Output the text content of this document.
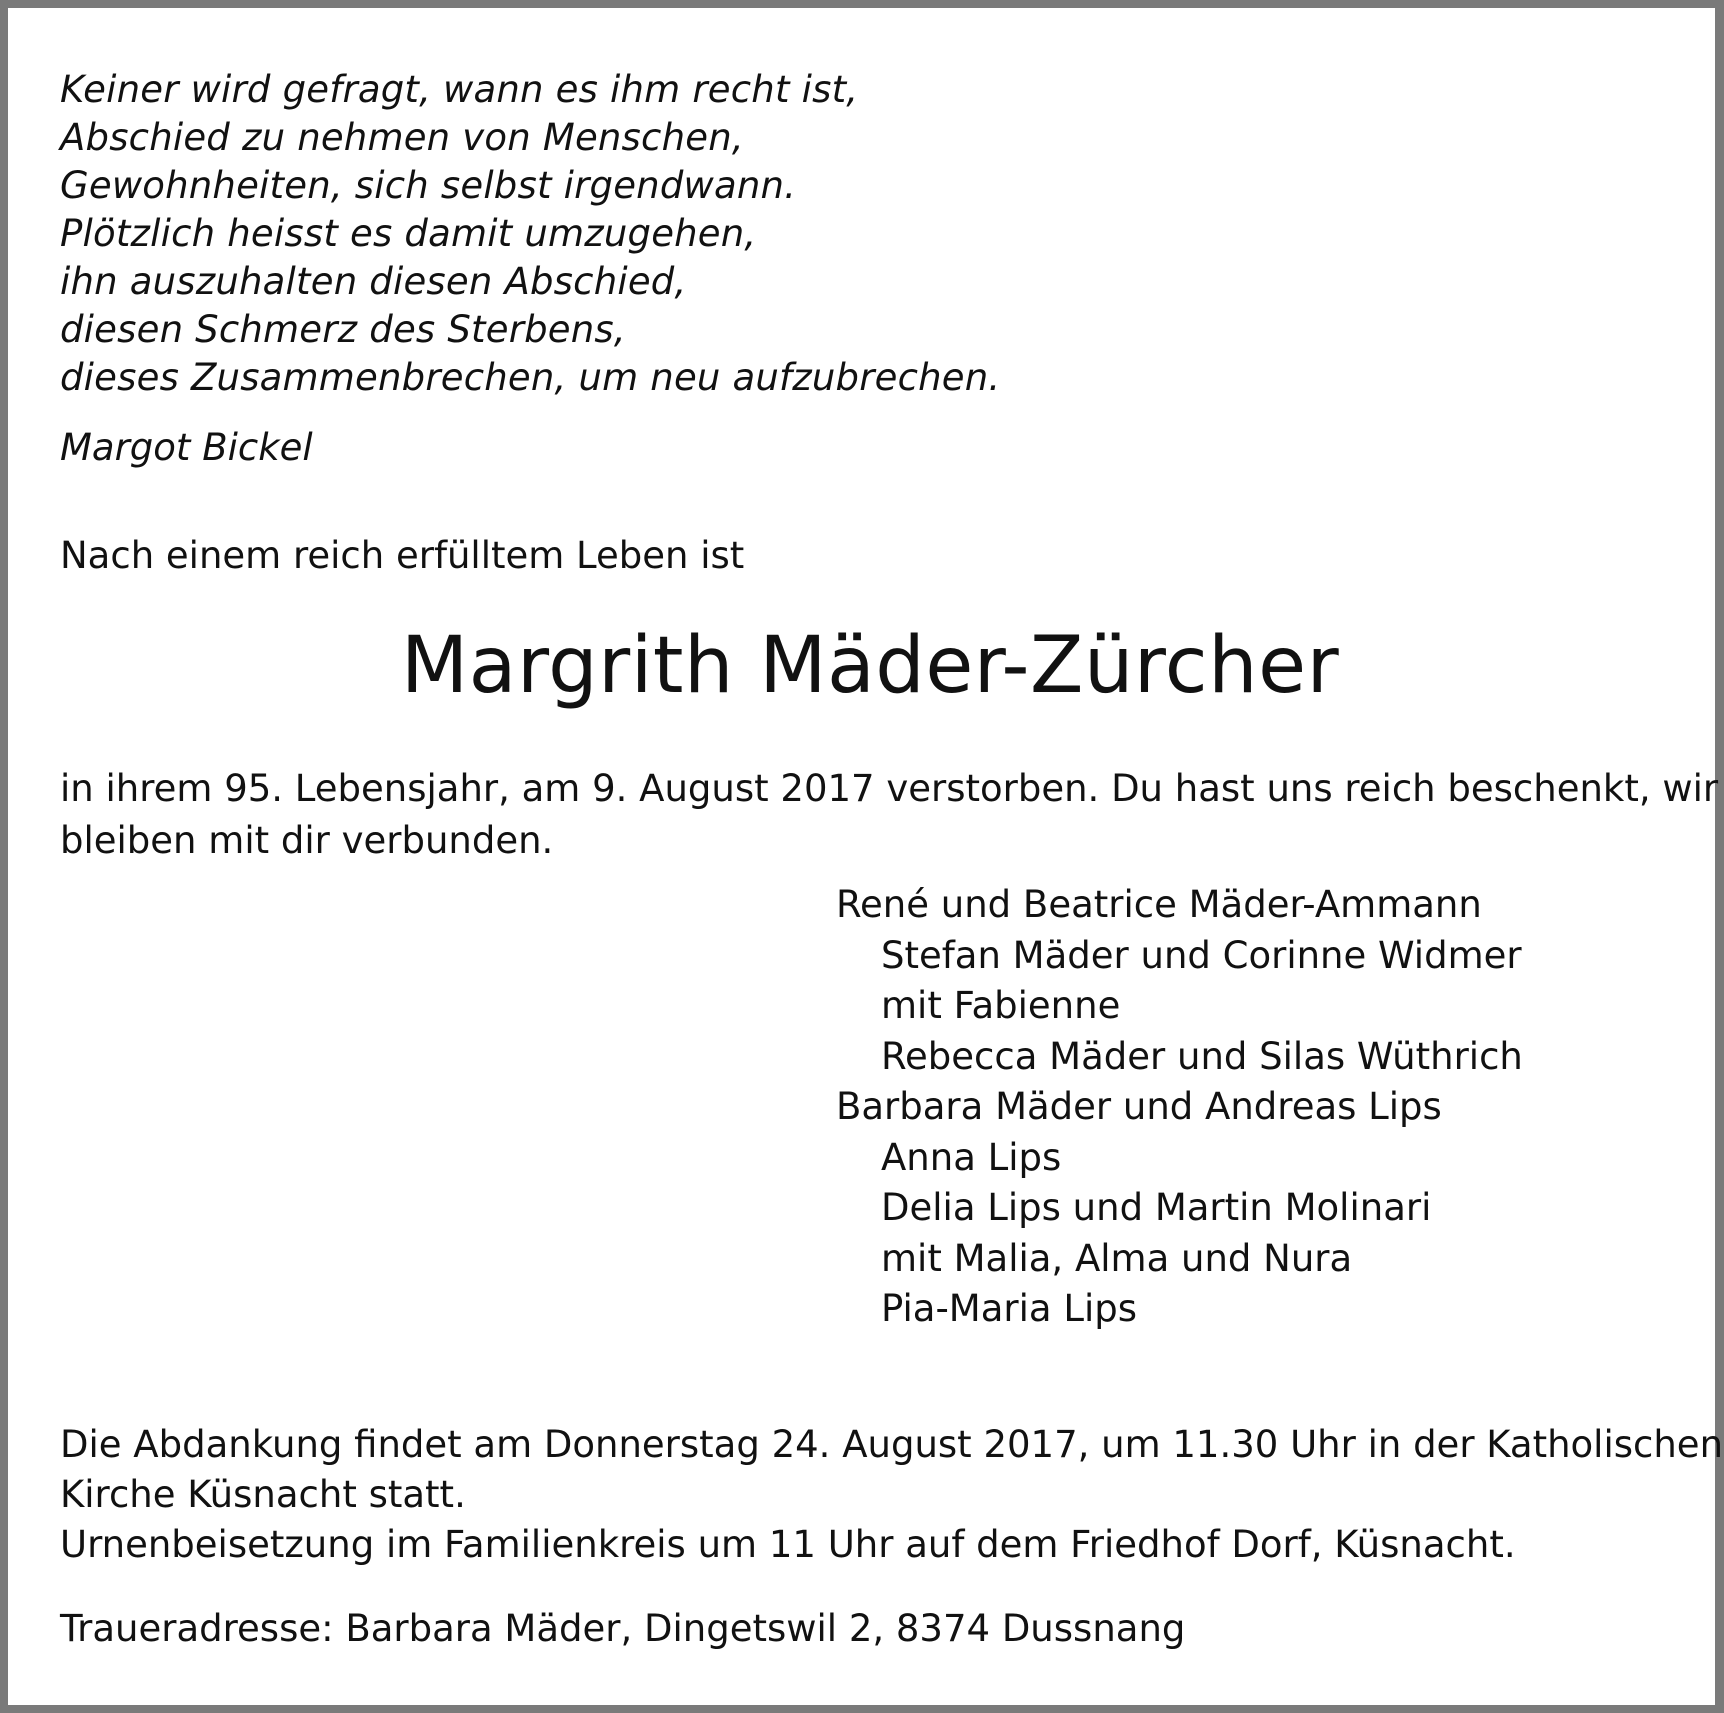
Keiner wird gefragt, wann es ihm recht ist,
Abschied zu nehmen von Menschen,
Gewohnheiten, sich selbst irgendwann.
Plötzlich heisst es damit umzugehen,
ihn auszuhalten diesen Abschied,
diesen Schmerz des Sterbens,
dieses Zusammenbrechen, um neu aufzubrechen.
Margot Bickel
Nach einem reich erfülltem Leben ist
Margrith Mäder-Zürcher
in ihrem 95. Lebensjahr, am 9. August 2017 verstorben. Du hast uns reich beschenkt, wir
bleiben mit dir verbunden.
René und Beatrice Mäder-Ammann
Stefan Mäder und Corinne Widmer
mit Fabienne
Rebecca Mäder und Silas Wüthrich
Barbara Mäder und Andreas Lips
Anna Lips
Delia Lips und Martin Molinari
mit Malia, Alma und Nura
Pia-Maria Lips
Die Abdankung findet am Donnerstag 24. August 2017, um 11.30 Uhr in der Katholischen
Kirche Küsnacht statt.
Urnenbeisetzung im Familienkreis um 11 Uhr auf dem Friedhof Dorf, Küsnacht.
Traueradresse: Barbara Mäder, Dingetswil 2, 8374 Dussnang
